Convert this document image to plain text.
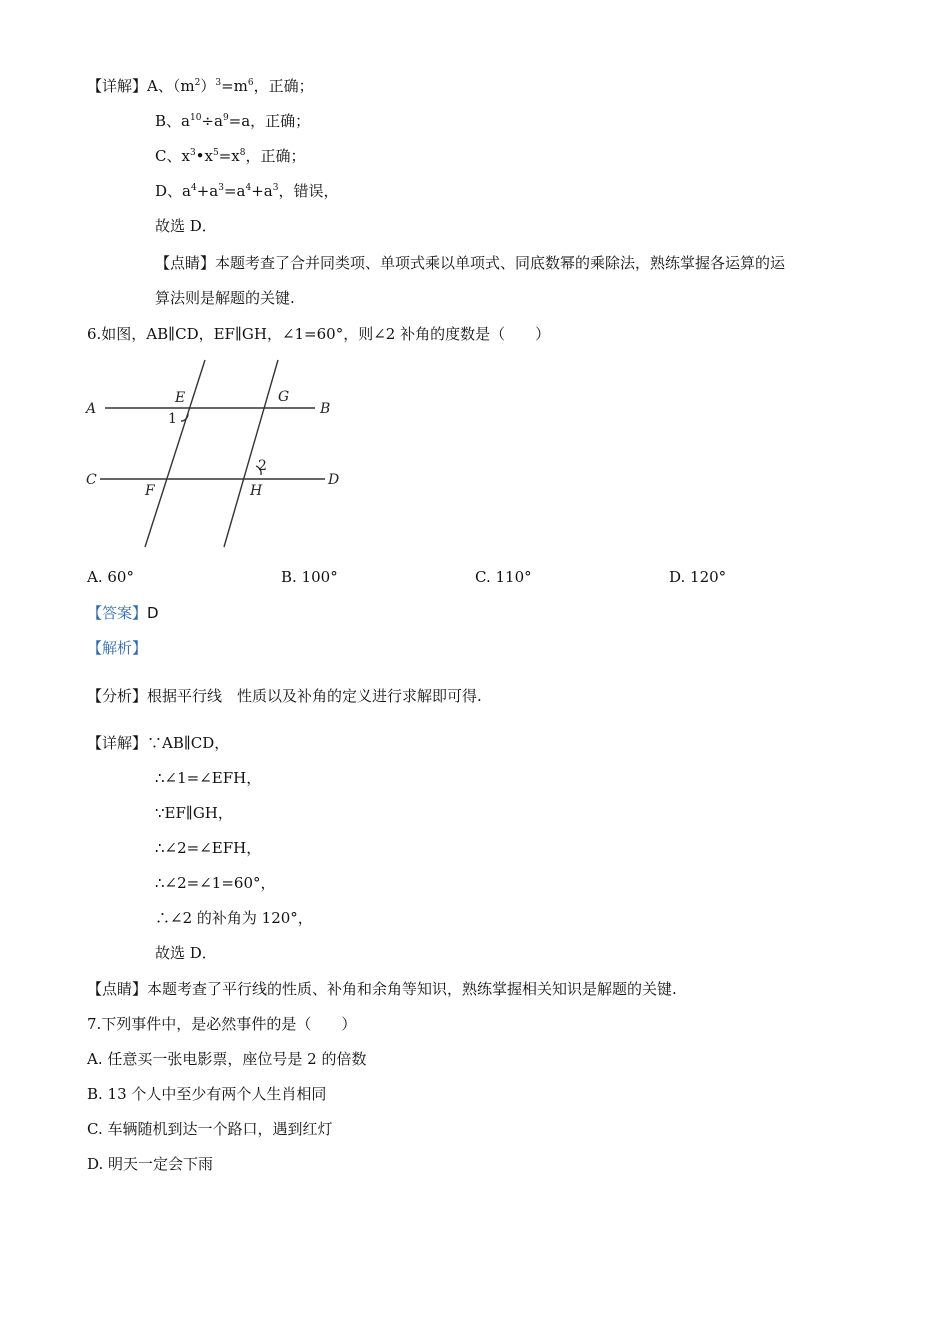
【详解】A、$(m^2)^3=m^6$，正确；
B、$a^{10}\div a^9=a$，正确；
C、$x^3•x^5=x^8$，正确；
D、$a^4+a^3=a^4+a^3$，错误，
故选 D．
【点睛】本题考查了合并同类项、单项式乘以单项式、同底数幂的乘除法，熟练掌握各运算的运
算法则是解题的关键.
6.如图，AB∥CD，EF∥GH，∠1=60°，则∠2 补角的度数是（　　）
A	B
C	D
E
F
G
H
1
2
A. 60°	B. 100°	C. 110°	D. 120°
【答案】D
【解析】
【分析】根据平行线　性质以及补角的定义进行求解即可得.
【详解】∵AB∥CD，
∴∠1=∠EFH，
∵EF∥GH，
∴∠2=∠EFH，
∴∠2=∠1=60°，
∴∠2 的补角为 120°，
故选 D．
【点睛】本题考查了平行线的性质、补角和余角等知识，熟练掌握相关知识是解题的关键.
7.下列事件中，是必然事件的是（　　）
A. 任意买一张电影票，座位号是 2 的倍数
B. 13 个人中至少有两个人生肖相同
C. 车辆随机到达一个路口，遇到红灯
D. 明天一定会下雨
